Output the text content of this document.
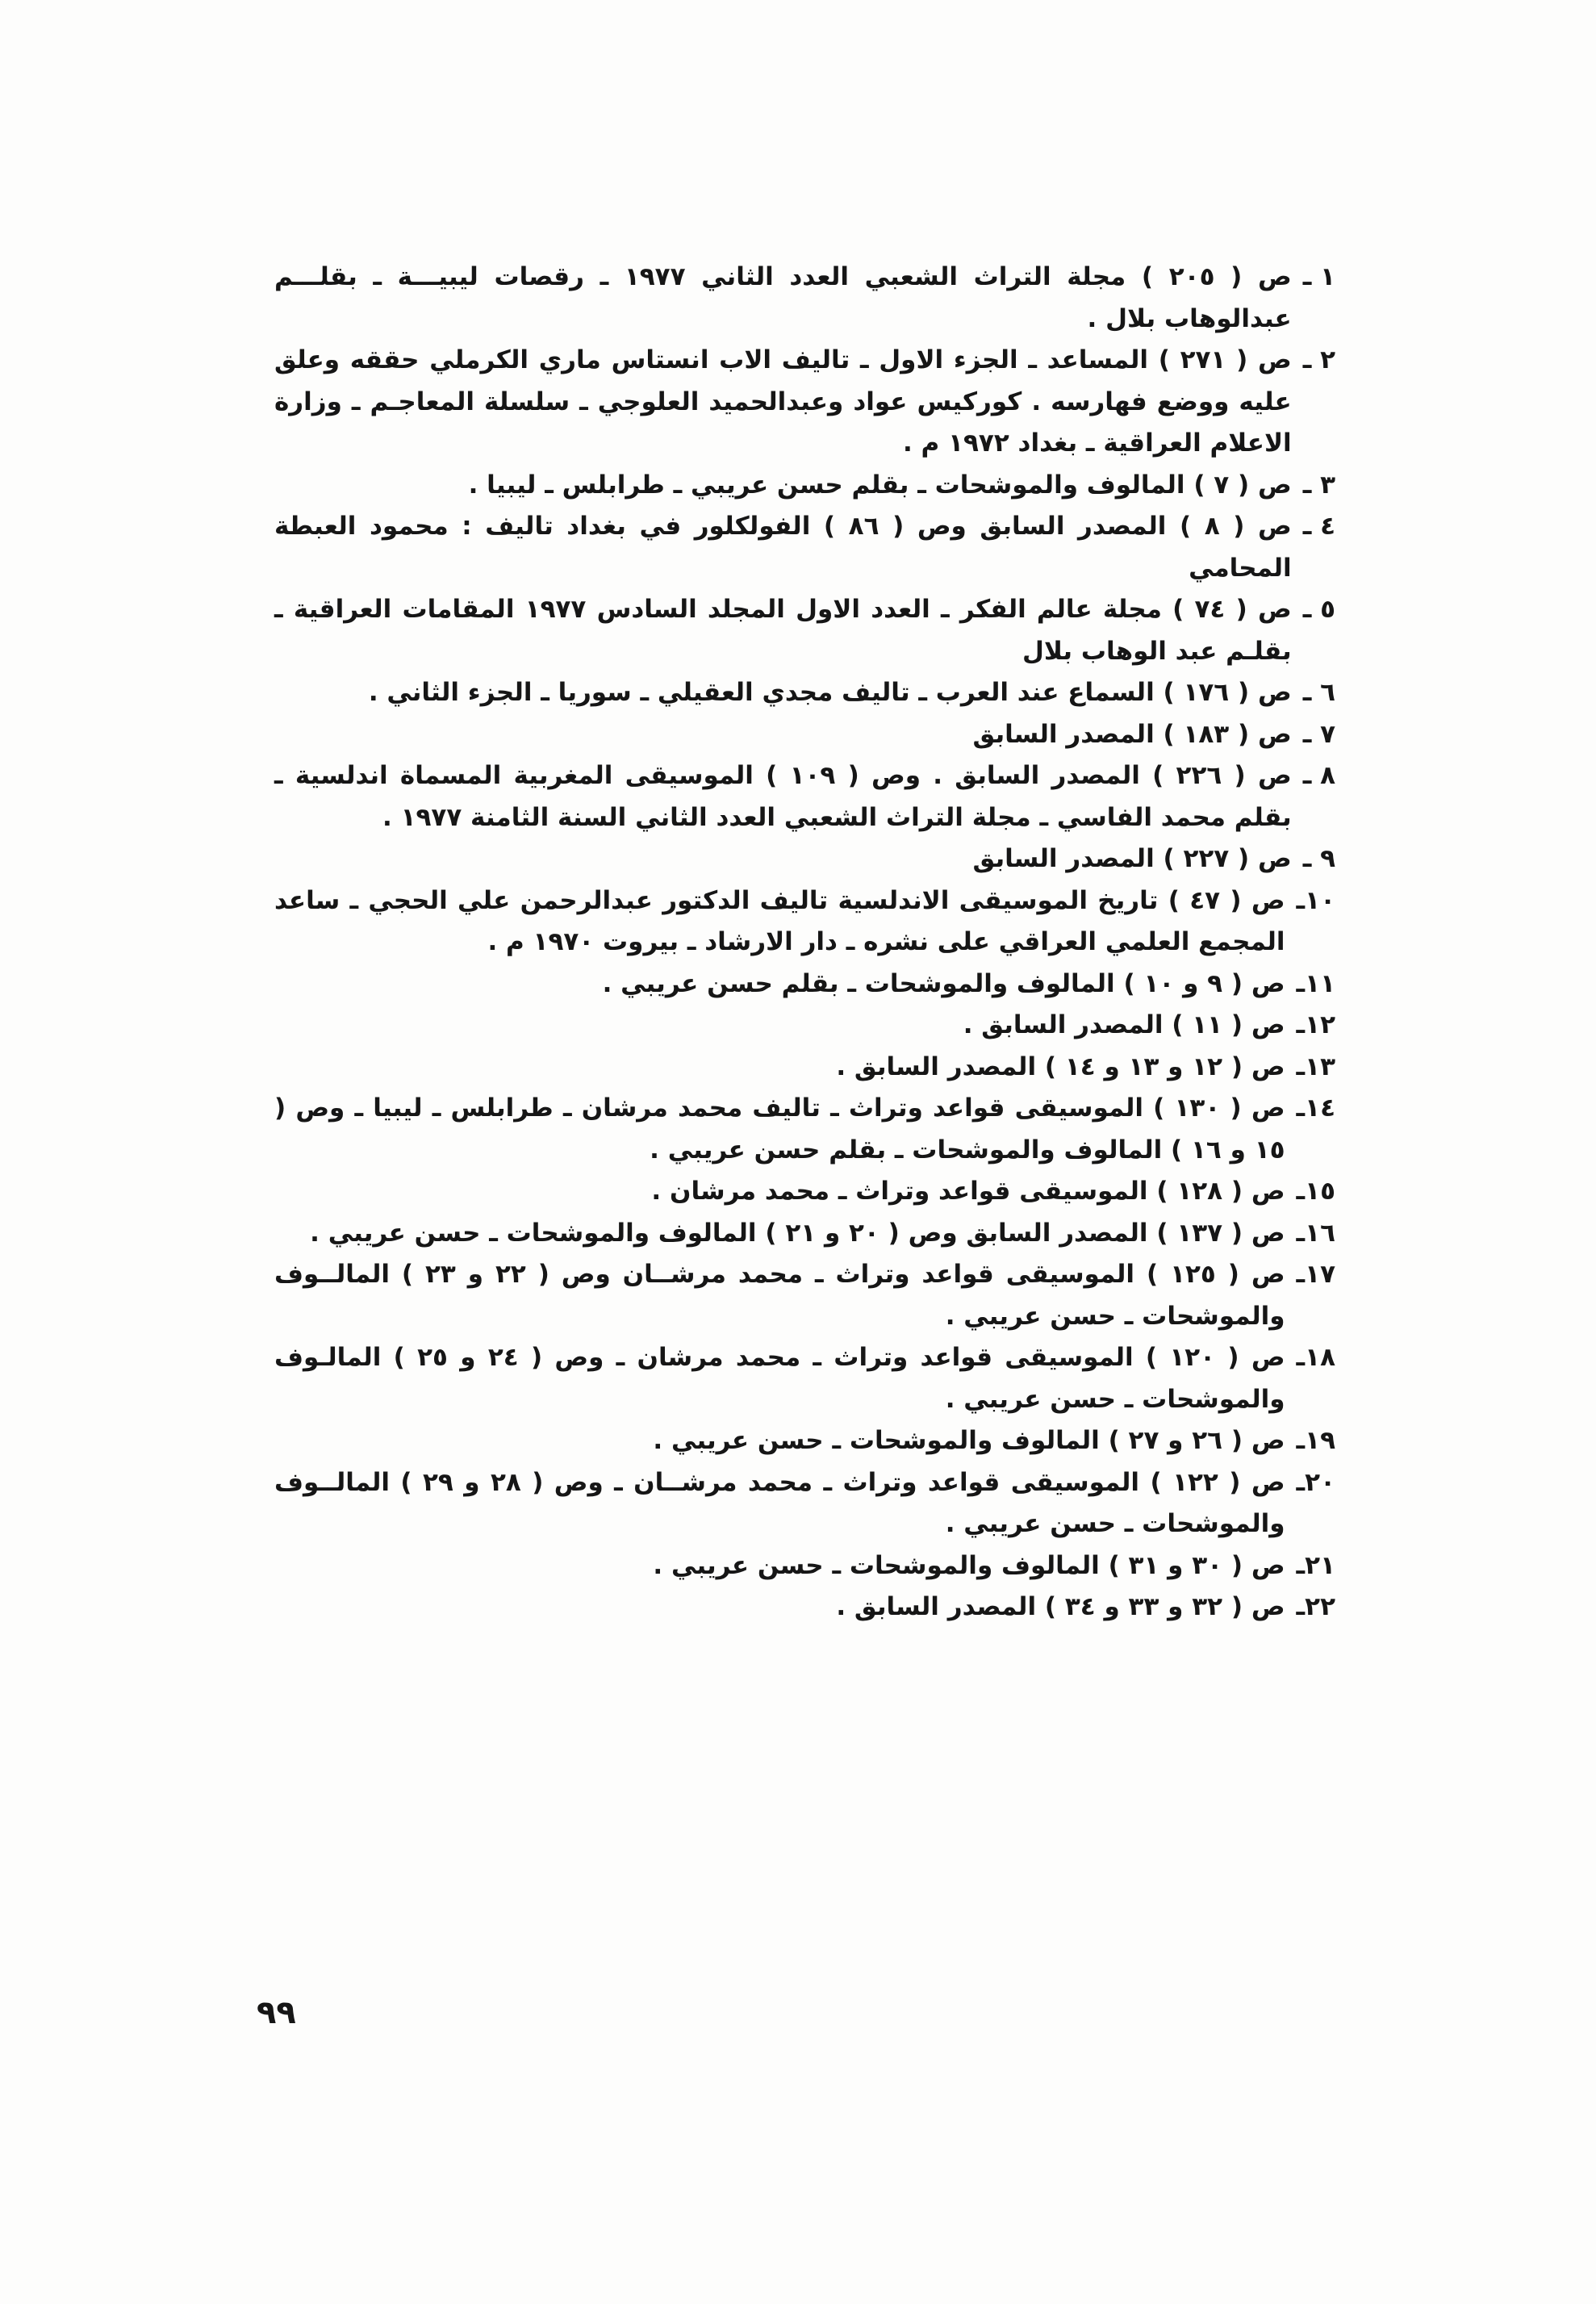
١ ـ
ص ( ٢٠٥ ) مجلة التراث الشعبي العدد الثاني ١٩٧٧ ـ رقصات ليبيـــة ـ بقلـــم عبدالوهاب بلال .
٢ ـ
ص ( ٢٧١ ) المساعد ـ الجزء الاول ـ تاليف الاب انستاس ماري الكرملي حققه وعلق عليه ووضع فهارسه . كوركيس عواد وعبدالحميد العلوجي ـ سلسلة المعاجـم ـ وزارة الاعلام العراقية ـ بغداد ١٩٧٢ م .
٣ ـ
ص ( ٧ ) المالوف والموشحات ـ بقلم حسن عريبي ـ طرابلس ـ ليبيا .
٤ ـ
ص ( ٨ ) المصدر السابق وص ( ٨٦ ) الفولكلور في بغداد تاليف : محمود العبطة المحامي
٥ ـ
ص ( ٧٤ ) مجلة عالم الفكر ـ العدد الاول المجلد السادس ١٩٧٧ المقامات العراقية ـ بقلـم عبد الوهاب بلال
٦ ـ
ص ( ١٧٦ ) السماع عند العرب ـ تاليف مجدي العقيلي ـ سوريا ـ الجزء الثاني .
٧ ـ
ص ( ١٨٣ ) المصدر السابق
٨ ـ
ص ( ٢٢٦ ) المصدر السابق . وص ( ١٠٩ ) الموسيقى المغربية المسماة اندلسية ـ بقلم محمد الفاسي ـ مجلة التراث الشعبي العدد الثاني السنة الثامنة ١٩٧٧ .
٩ ـ
ص ( ٢٢٧ ) المصدر السابق
١٠ـ
ص ( ٤٧ ) تاريخ الموسيقى الاندلسية تاليف الدكتور عبدالرحمن علي الحجي ـ ساعد المجمع العلمي العراقي على نشره ـ دار الارشاد ـ بيروت ١٩٧٠ م .
١١ـ
ص ( ٩ و ١٠ ) المالوف والموشحات ـ بقلم حسن عريبي .
١٢ـ
ص ( ١١ ) المصدر السابق .
١٣ـ
ص ( ١٢ و ١٣ و ١٤ ) المصدر السابق .
١٤ـ
ص ( ١٣٠ ) الموسيقى قواعد وتراث ـ تاليف محمد مرشان ـ طرابلس ـ ليبيا ـ وص ( ١٥ و ١٦ ) المالوف والموشحات ـ بقلم حسن عريبي .
١٥ـ
ص ( ١٢٨ ) الموسيقى قواعد وتراث ـ محمد مرشان .
١٦ـ
ص ( ١٣٧ ) المصدر السابق وص ( ٢٠ و ٢١ ) المالوف والموشحات ـ حسن عريبي .
١٧ـ
ص ( ١٢٥ ) الموسيقى قواعد وتراث ـ محمد مرشــان وص ( ٢٢ و ٢٣ ) المالــوف والموشحات ـ حسن عريبي .
١٨ـ
ص ( ١٢٠ ) الموسيقى قواعد وتراث ـ محمد مرشان ـ وص ( ٢٤ و ٢٥ ) المالـوف والموشحات ـ حسن عريبي .
١٩ـ
ص ( ٢٦ و ٢٧ ) المالوف والموشحات ـ حسن عريبي .
٢٠ـ
ص ( ١٢٢ ) الموسيقى قواعد وتراث ـ محمد مرشــان ـ وص ( ٢٨ و ٢٩ ) المالــوف والموشحات ـ حسن عريبي .
٢١ـ
ص ( ٣٠ و ٣١ ) المالوف والموشحات ـ حسن عريبي .
٢٢ـ
ص ( ٣٢ و ٣٣ و ٣٤ ) المصدر السابق .
٩٩
